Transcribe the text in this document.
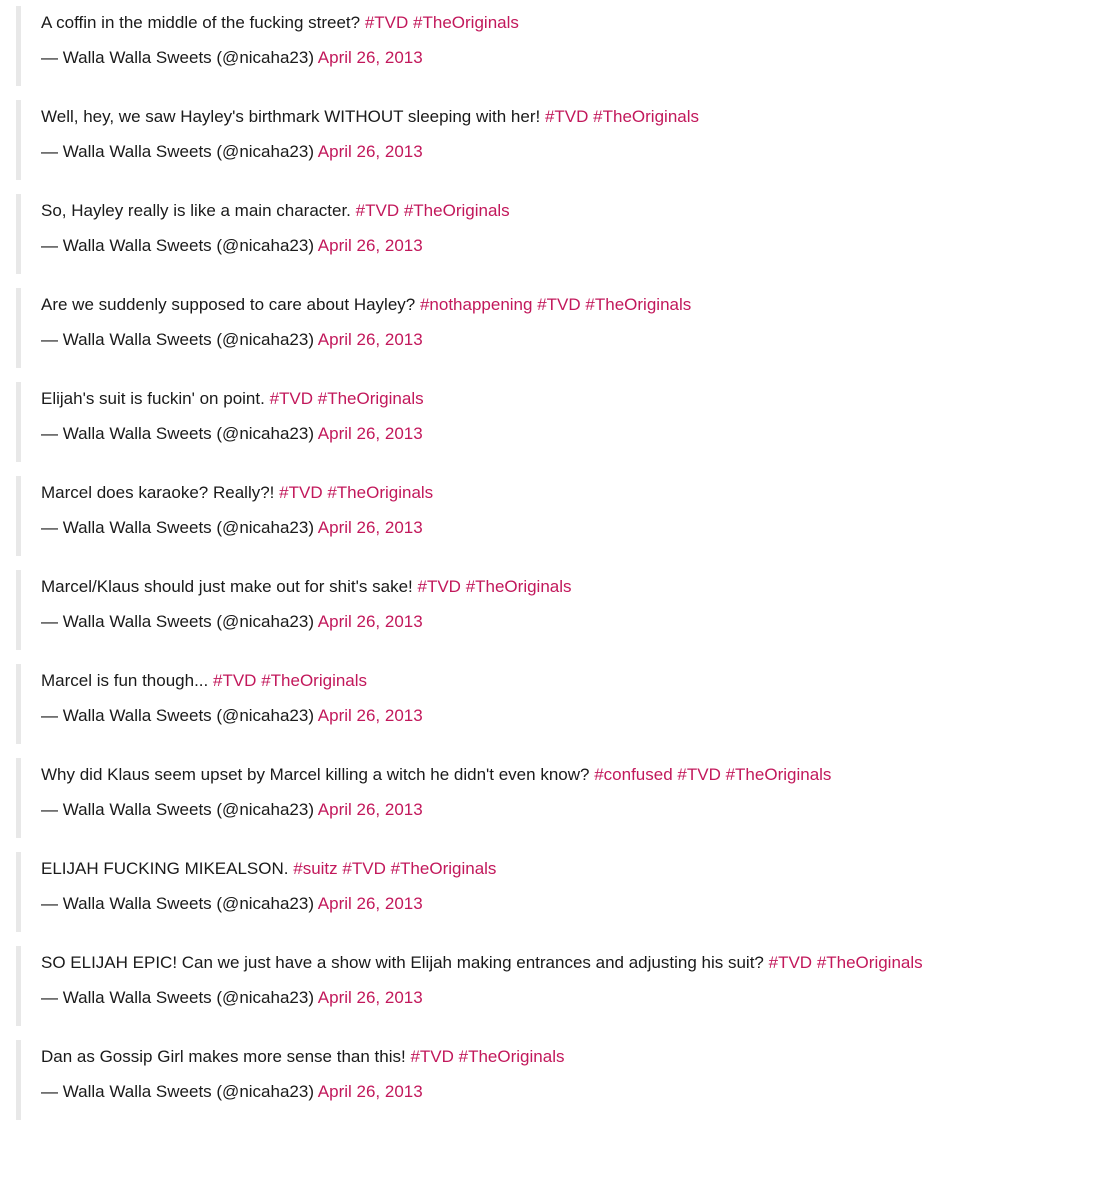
A coffin in the middle of the fucking street? #TVD #TheOriginals
— Walla Walla Sweets (@nicaha23) April 26, 2013
Well, hey, we saw Hayley's birthmark WITHOUT sleeping with her! #TVD #TheOriginals
— Walla Walla Sweets (@nicaha23) April 26, 2013
So, Hayley really is like a main character. #TVD #TheOriginals
— Walla Walla Sweets (@nicaha23) April 26, 2013
Are we suddenly supposed to care about Hayley? #nothappening #TVD #TheOriginals
— Walla Walla Sweets (@nicaha23) April 26, 2013
Elijah's suit is fuckin' on point. #TVD #TheOriginals
— Walla Walla Sweets (@nicaha23) April 26, 2013
Marcel does karaoke? Really?! #TVD #TheOriginals
— Walla Walla Sweets (@nicaha23) April 26, 2013
Marcel/Klaus should just make out for shit's sake! #TVD #TheOriginals
— Walla Walla Sweets (@nicaha23) April 26, 2013
Marcel is fun though... #TVD #TheOriginals
— Walla Walla Sweets (@nicaha23) April 26, 2013
Why did Klaus seem upset by Marcel killing a witch he didn't even know? #confused #TVD #TheOriginals
— Walla Walla Sweets (@nicaha23) April 26, 2013
ELIJAH FUCKING MIKEALSON. #suitz #TVD #TheOriginals
— Walla Walla Sweets (@nicaha23) April 26, 2013
SO ELIJAH EPIC! Can we just have a show with Elijah making entrances and adjusting his suit? #TVD #TheOriginals
— Walla Walla Sweets (@nicaha23) April 26, 2013
Dan as Gossip Girl makes more sense than this! #TVD #TheOriginals
— Walla Walla Sweets (@nicaha23) April 26, 2013
